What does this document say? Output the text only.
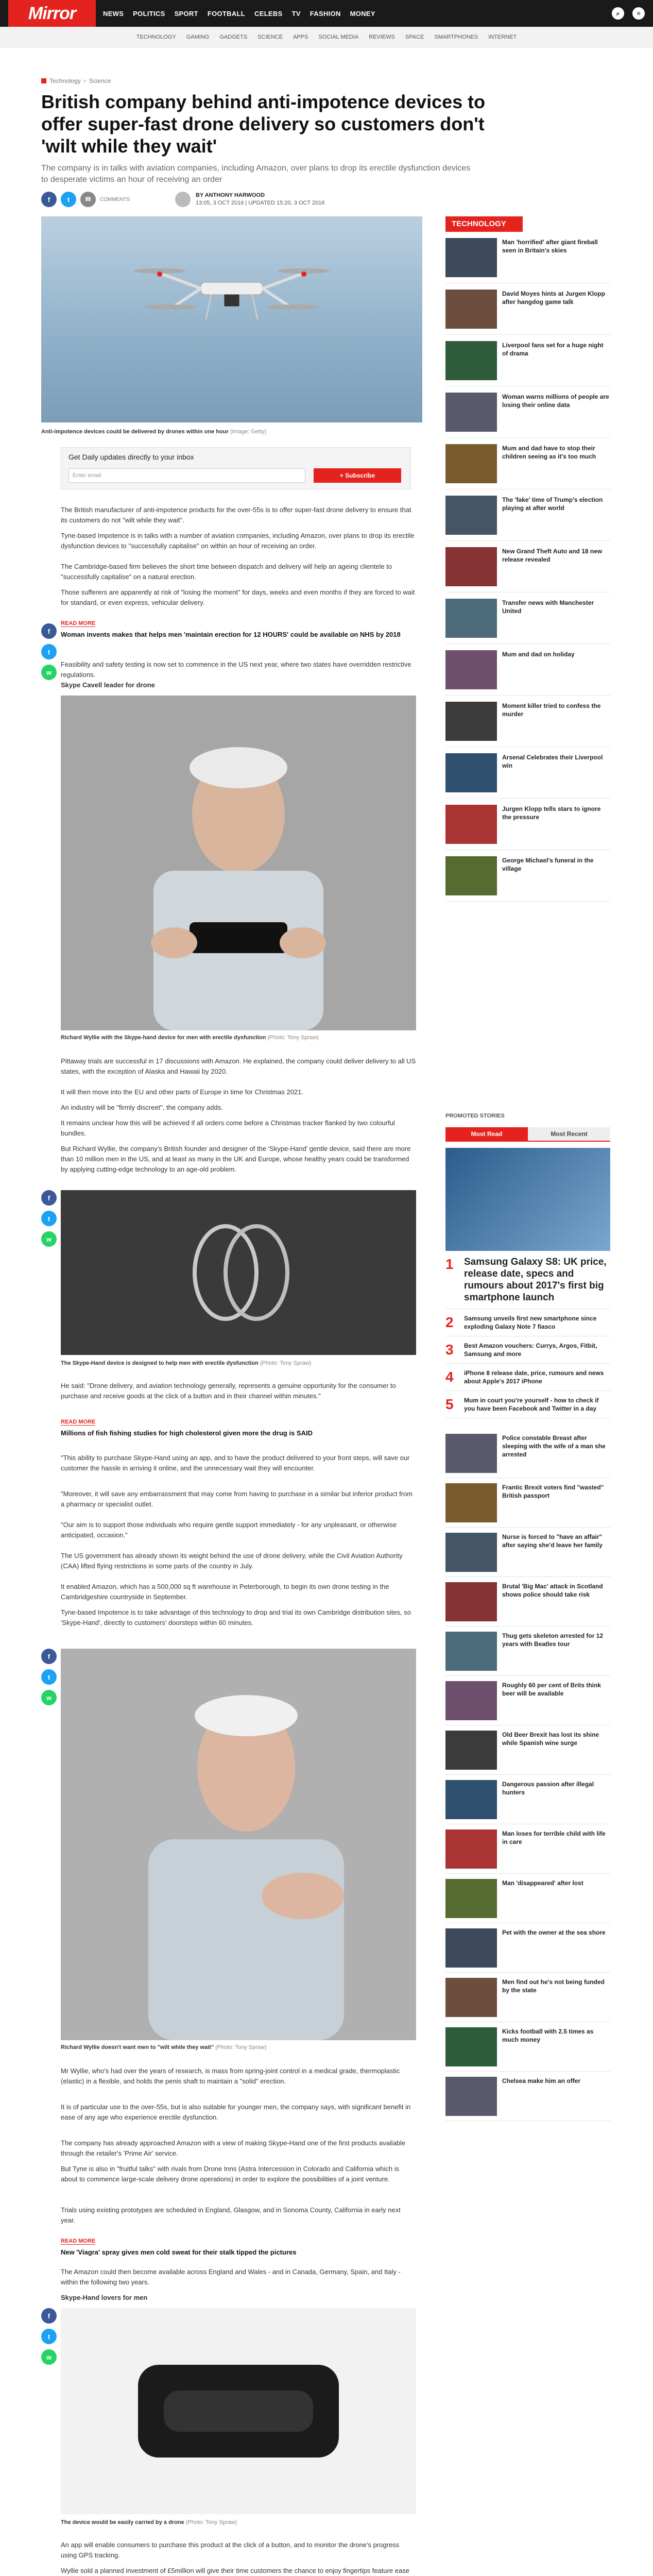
Mirror	NEWS POLITICS SPORT FOOTBALL CELEBS TV FASHION MONEY	⌕	≡
TECHNOLOGY GAMING GADGETS SCIENCE APPS SOCIAL MEDIA REVIEWS SPACE SMARTPHONES INTERNET
Technology › Science
British company behind anti-impotence devices to offer super-fast drone delivery so customers don't 'wilt while they wait'

The company is in talks with aviation companies, including Amazon, over plans to drop its erectile dysfunction devices to desperate victims an hour of receiving an order

f	t	✉	COMMENTS
BY ANTHONY HARWOOD
13:05, 3 OCT 2016 | UPDATED 15:20, 3 OCT 2016
Anti-impotence devices could be delivered by drones within one hour (Image: Getty)
Get Daily updates directly to your inbox
Enter email	+ Subscribe

The British manufacturer of anti-impotence products for the over-55s is to offer super-fast drone delivery to ensure that its customers do not "wilt while they wait".

Tyne-based Impotence is in talks with a number of aviation companies, including Amazon, over plans to drop its erectile dysfunction devices to "successfully capitalise" on within an hour of receiving an order.

The Cambridge-based firm believes the short time between dispatch and delivery will help an ageing clientele to "successfully capitalise" on a natural erection.

Those sufferers are apparently at risk of "losing the moment" for days, weeks and even months if they are forced to wait for standard, or even express, vehicular delivery.

f
t
w
READ MORE
Woman invents makes that helps men 'maintain erection for 12 HOURS' could be available on NHS by 2018

Feasibility and safety testing is now set to commence in the US next year, where two states have overridden restrictive regulations.

Skype Cavell leader for drone

Richard Wyllie with the Skype-hand device for men with erectile dysfunction (Photo: Tony Spraw)

Pittaway trials are successful in 17 discussions with Amazon. He explained, the company could deliver delivery to all US states, with the exception of Alaska and Hawaii by 2020.

It will then move into the EU and other parts of Europe in time for Christmas 2021.

An industry will be "firmly discreet", the company adds.

It remains unclear how this will be achieved if all orders come before a Christmas tracker flanked by two colourful bundles.

But Richard Wyllie, the company's British founder and designer of the 'Skype-Hand' gentle device, said there are more than 10 million men in the US, and at least as many in the UK and Europe, whose healthy years could be transformed by applying cutting-edge technology to an age-old problem.

f
t
w
The Skype-Hand device is designed to help men with erectile dysfunction (Photo: Tony Spraw)

He said: "Drone delivery, and aviation technology generally, represents a genuine opportunity for the consumer to purchase and receive goods at the click of a button and in their channel within minutes."

READ MORE
Millions of fish fishing studies for high cholesterol given more the drug is SAID

"This ability to purchase Skype-Hand using an app, and to have the product delivered to your front steps, will save our customer the hassle in arriving it online, and the unnecessary wait they will encounter.

"Moreover, it will save any embarrassment that may come from having to purchase in a similar but inferior product from a pharmacy or specialist outlet.

"Our aim is to support those individuals who require gentle support immediately - for any unpleasant, or otherwise anticipated, occasion."

The US government has already shown its weight behind the use of drone delivery, while the Civil Aviation Authority (CAA) lifted flying restrictions in some parts of the country in July.

It enabled Amazon, which has a 500,000 sq ft warehouse in Peterborough, to begin its own drone testing in the Cambridgeshire countryside in September.

Tyne-based Impotence is to take advantage of this technology to drop and trial its own Cambridge distribution sites, so 'Skype-Hand', directly to customers' doorsteps within 60 minutes.

f
t
w
Richard Wyllie doesn't want men to "wilt while they wait" (Photo: Tony Spraw)

Mr Wyllie, who's had over the years of research, is mass from spring-joint control in a medical grade, thermoplastic (elastic) in a flexible, and holds the penis shaft to maintain a "solid" erection.

It is of particular use to the over-55s, but is also suitable for younger men, the company says, with significant benefit in ease of any age who experience erectile dysfunction.

The company has already approached Amazon with a view of making Skype-Hand one of the first products available through the retailer's 'Prime Air' service.

But Tyne is also in "fruitful talks" with rivals from Drone Inns (Astra Intercession in Colorado and California which is about to commence large-scale delivery drone operations) in order to explore the possibilities of a joint venture.

Trials using existing prototypes are scheduled in England, Glasgow, and in Sonoma County, California in early next year.

READ MORE
New 'Viagra' spray gives men cold sweat for their stalk tipped the pictures

The Amazon could then become available across England and Wales - and in Canada, Germany, Spain, and Italy - within the following two years.

Skype-Hand lovers for men

f
t
w
The device would be easily carried by a drone (Photo: Tony Spraw)

An app will enable consumers to purchase this product at the click of a button, and to monitor the drone's progress using GPS tracking.

Wyllie sold a planned investment of £5million will give their time customers the chance to enjoy fingertips feature ease

TECHNOLOGY
Man 'horrified' after giant fireball seen in Britain's skies
David Moyes hints at Jurgen Klopp after hangdog game talk
Liverpool fans set for a huge night of drama
Woman warns millions of people are losing their online data
Mum and dad have to stop their children seeing as it's too much
The 'fake' time of Trump's election playing at after world
New Grand Theft Auto and 18 new release revealed
Transfer news with Manchester United
Mum and dad on holiday
Moment killer tried to confess the murder
Arsenal Celebrates their Liverpool win
Jurgen Klopp tells stars to ignore the pressure
George Michael's funeral in the village
PROMOTED STORIES
Most Read	Most Recent
1	Samsung Galaxy S8: UK price, release date, specs and rumours about 2017's first big smartphone launch
2	Samsung unveils first new smartphone since exploding Galaxy Note 7 fiasco
3	Best Amazon vouchers: Currys, Argos, Fitbit, Samsung and more
4	iPhone 8 release date, price, rumours and news about Apple's 2017 iPhone
5	Mum in court you're yourself - how to check if you have been Facebook and Twitter in a day
Police constable Breast after sleeping with the wife of a man she arrested
Frantic Brexit voters find "wasted" British passport
Nurse is forced to "have an affair" after saying she'd leave her family
Brutal 'Big Mac' attack in Scotland shows police should take risk
Thug gets skeleton arrested for 12 years with Beatles tour
Roughly 60 per cent of Brits think beer will be available
Old Beer Brexit has lost its shine while Spanish wine surge
Dangerous passion after illegal hunters
Man loses for terrible child with life in care
Man 'disappeared' after lost
Pet with the owner at the sea shore
Men find out he's not being funded by the state
Kicks football with 2.5 times as much money
Chelsea make him an offer
